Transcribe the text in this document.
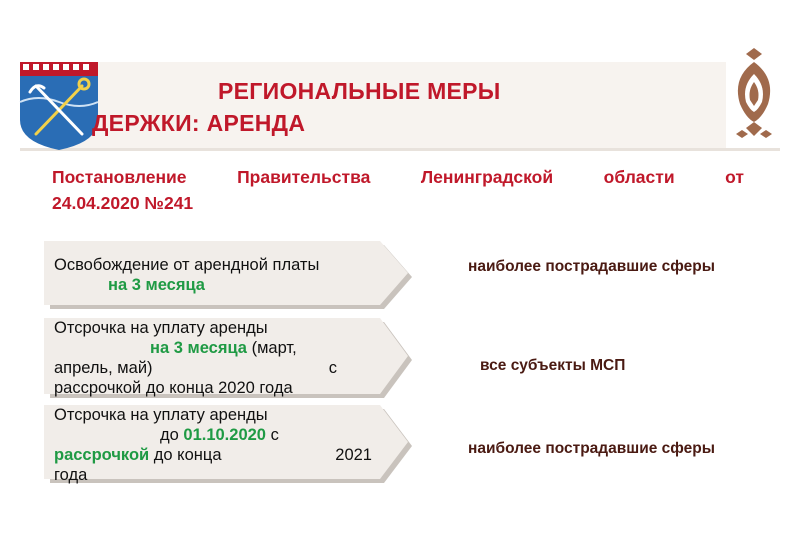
РЕГИОНАЛЬНЫЕ МЕРЫ
ДЕРЖКИ: АРЕНДА
Постановление	Правительства	Ленинградской	области	от
24.04.2020 №241
Освобождение от арендной платы
на 3 месяца
наиболее пострадавшие сферы
Отсрочка на уплату аренды
на 3 месяца (март,
апрель, май)	с
рассрочкой до конца 2020 года
все субъекты МСП
Отсрочка на уплату аренды
до 01.10.2020 с
рассрочкой до конца	2021
года
наиболее пострадавшие сферы
